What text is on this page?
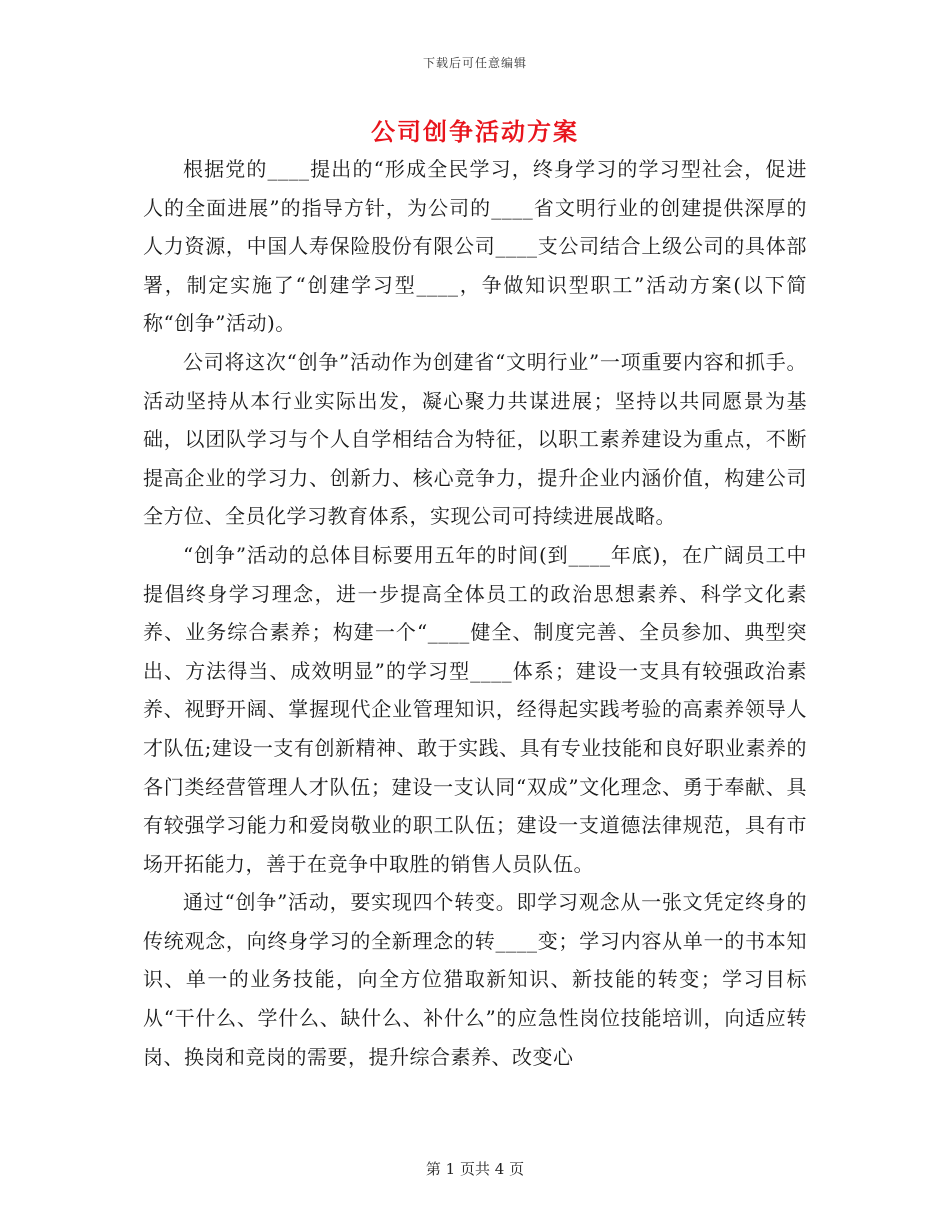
下载后可任意编辑
公司创争活动方案

根据党的____提出的“形成全民学习，终身学习的学习型社会，促进人的全面进展”的指导方针，为公司的____省文明行业的创建提供深厚的人力资源，中国人寿保险股份有限公司____支公司结合上级公司的具体部署，制定实施了“创建学习型____，争做知识型职工”活动方案(以下简称“创争”活动)。

公司将这次“创争”活动作为创建省“文明行业”一项重要内容和抓手。活动坚持从本行业实际出发，凝心聚力共谋进展；坚持以共同愿景为基础，以团队学习与个人自学相结合为特征，以职工素养建设为重点，不断提高企业的学习力、创新力、核心竞争力，提升企业内涵价值，构建公司全方位、全员化学习教育体系，实现公司可持续进展战略。

“创争”活动的总体目标要用五年的时间(到____年底)，在广阔员工中提倡终身学习理念，进一步提高全体员工的政治思想素养、科学文化素养、业务综合素养；构建一个“____健全、制度完善、全员参加、典型突出、方法得当、成效明显”的学习型____体系；建设一支具有较强政治素养、视野开阔、掌握现代企业管理知识，经得起实践考验的高素养领导人才队伍;建设一支有创新精神、敢于实践、具有专业技能和良好职业素养的各门类经营管理人才队伍；建设一支认同“双成”文化理念、勇于奉献、具有较强学习能力和爱岗敬业的职工队伍；建设一支道德法律规范，具有市场开拓能力，善于在竞争中取胜的销售人员队伍。

通过“创争”活动，要实现四个转变。即学习观念从一张文凭定终身的传统观念，向终身学习的全新理念的转____变；学习内容从单一的书本知识、单一的业务技能，向全方位猎取新知识、新技能的转变；学习目标从“干什么、学什么、缺什么、补什么”的应急性岗位技能培训，向适应转岗、换岗和竞岗的需要，提升综合素养、改变心

第 1 页共 4 页
